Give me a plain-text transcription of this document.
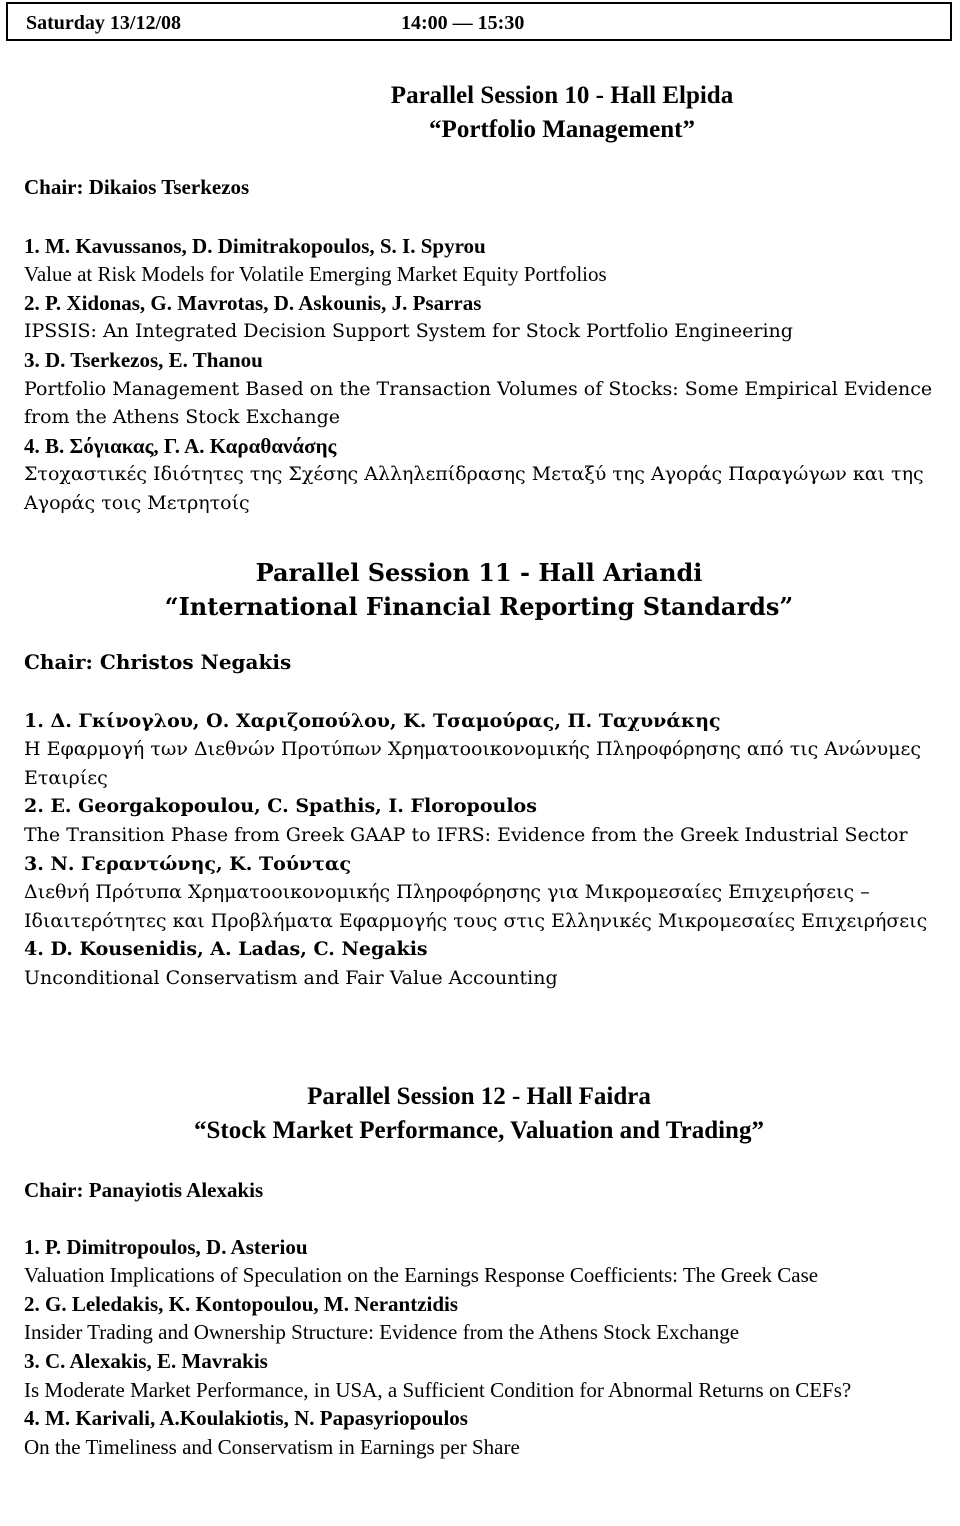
Saturday 13/12/08	14:00 — 15:30
Parallel Session 10 - Hall Elpida
“Portfolio Management”
Chair: Dikaios Tserkezos
1. M. Kavussanos, D. Dimitrakopoulos, S. I. Spyrou
Value at Risk Models for Volatile Emerging Market Equity Portfolios
2. P. Xidonas, G. Mavrotas, D. Askounis, J. Psarras
IPSSIS: An Integrated Decision Support System for Stock Portfolio Engineering
3. D. Tserkezos, E. Thanou
Portfolio Management Based on the Transaction Volumes of Stocks: Some Empirical Evidence from the Athens Stock Exchange
4. Β. Σόγιακας, Γ. Α. Καραθανάσης
Στοχαστικές Ιδιότητες της Σχέσης Αλληλεπίδρασης Μεταξύ της Αγοράς Παραγώγων και της Αγοράς τοις Μετρητοίς
Parallel Session 11 - Hall Ariandi
“International Financial Reporting Standards”
Chair: Christos Negakis
1. Δ. Γκίνογλου, Ο. Χαριζοπούλου, Κ. Τσαμούρας, Π. Ταχυνάκης
Η Εφαρμογή των Διεθνών Προτύπων Χρηματοοικονομικής Πληροφόρησης από τις Ανώνυμες Εταιρίες
2. E. Georgakopoulou, C. Spathis, I. Floropoulos
The Transition Phase from Greek GAAP to IFRS: Evidence from the Greek Industrial Sector
3. Ν. Γεραντώνης, Κ. Τούντας
Διεθνή Πρότυπα Χρηματοοικονομικής Πληροφόρησης για Μικρομεσαίες Επιχειρήσεις – Ιδιαιτερότητες και Προβλήματα Εφαρμογής τους στις Ελληνικές Μικρομεσαίες Επιχειρήσεις
4. D. Kousenidis, A. Ladas, C. Negakis
Unconditional Conservatism and Fair Value Accounting
Parallel Session 12 - Hall Faidra
“Stock Market Performance, Valuation and Trading”
Chair: Panayiotis Alexakis
1. P. Dimitropoulos, D. Asteriou
Valuation Implications of Speculation on the Earnings Response Coefficients: The Greek Case
2. G. Leledakis, K. Kontopoulou, M. Nerantzidis
Insider Trading and Ownership Structure: Evidence from the Athens Stock Exchange
3. C. Alexakis, E. Mavrakis
Is Moderate Market Performance, in USA, a Sufficient Condition for Abnormal Returns on CEFs?
4. M. Karivali, A.Koulakiotis, N. Papasyriopoulos
On the Timeliness and Conservatism in Earnings per Share
